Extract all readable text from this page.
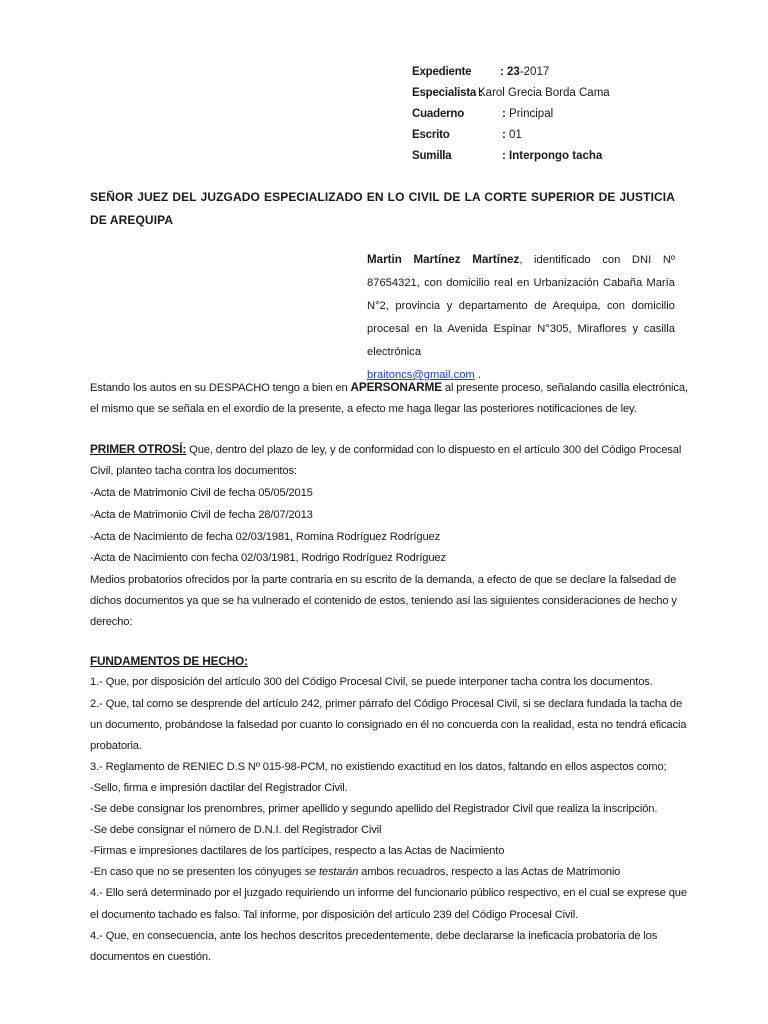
Expediente : 23-2017
Especialista :
Karol Grecia Borda Cama
Cuaderno	: Principal
Escrito	: 01
Sumilla	: Interpongo tacha
SEÑOR JUEZ DEL JUZGADO ESPECIALIZADO EN LO CIVIL DE LA CORTE SUPERIOR DE JUSTICIA DE AREQUIPA
Martin Martínez Martínez, identificado con DNI Nº 87654321, con domicilio real en Urbanización Cabaña María N°2, provincia y departamento de Arequipa, con domicilio procesal en la Avenida Espinar N°305, Miraflores y casilla electrónica
braitoncs@gmail.com .
Estando los autos en su DESPACHO tengo a bien en APERSONARME al presente proceso, señalando casilla electrónica,
el mismo que se señala en el exordio de la presente, a efecto me haga llegar las posteriores notificaciones de ley.
PRIMER OTROSÍ: Que, dentro del plazo de ley, y de conformidad con lo dispuesto en el artículo 300 del Código Procesal
Civil, planteo tacha contra los documentos:
-Acta de Matrimonio Civil de fecha 05/05/2015
-Acta de Matrimonio Civil de fecha 28/07/2013
-Acta de Nacimiento de fecha 02/03/1981, Romina Rodríguez Rodríguez
-Acta de Nacimiento con fecha 02/03/1981, Rodrigo Rodríguez Rodríguez
Medios probatorios ofrecidos por la parte contraria en su escrito de la demanda, a efecto de que se declare la falsedad de
dichos documentos ya que se ha vulnerado el contenido de estos, teniendo así las siguientes consideraciones de hecho y
derecho:
FUNDAMENTOS DE HECHO:
1.- Que, por disposición del artículo 300 del Código Procesal Civil, se puede interponer tacha contra los documentos.
2.- Que, tal como se desprende del artículo 242, primer párrafo del Código Procesal Civil, si se declara fundada la tacha de
un documento, probándose la falsedad por cuanto lo consignado en él no concuerda con la realidad, esta no tendrá eficacia
probatoria.
3.- Reglamento de RENIEC D.S Nº 015-98-PCM, no existiendo exactitud en los datos, faltando en ellos aspectos como;
-Sello, firma e impresión dactilar del Registrador Civil.
-Se debe consignar los prenombres, primer apellido y segundo apellido del Registrador Civil que realiza la inscripción.
-Se debe consignar el número de D.N.I. del Registrador Civil
-Firmas e impresiones dactilares de los partícipes, respecto a las Actas de Nacimiento
-En caso que no se presenten los cónyuges se testarán ambos recuadros, respecto a las Actas de Matrimonio
4.- Ello será determinado por el juzgado requiriendo un informe del funcionario público respectivo, en el cual se exprese que
el documento tachado es falso. Tal informe, por disposición del artículo 239 del Código Procesal Civil.
4.- Que, en consecuencia, ante los hechos descritos precedentemente, debe declararse la ineficacia probatoria de los
documentos en cuestión.
